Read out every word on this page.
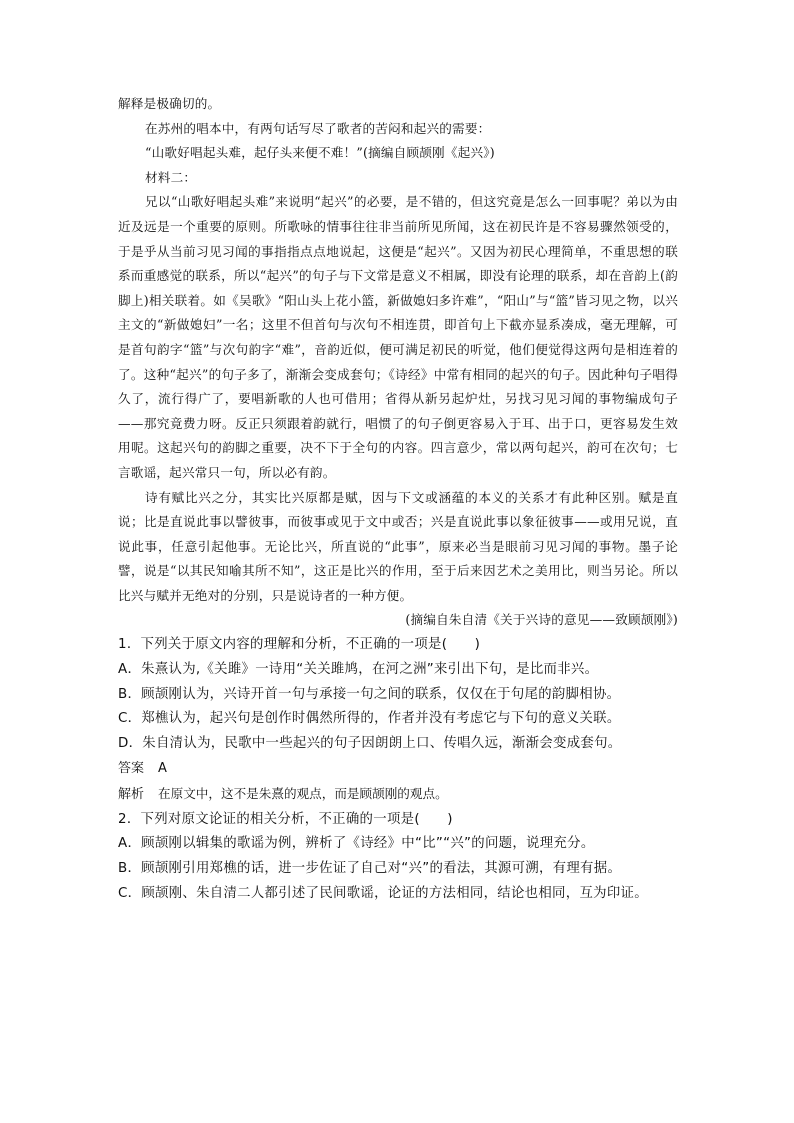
解释是极确切的。

在苏州的唱本中，有两句话写尽了歌者的苦闷和起兴的需要：

“山歌好唱起头难，起仔头来便不难！”(摘编自顾颉刚《起兴》)

材料二：

兄以“山歌好唱起头难”来说明“起兴”的必要，是不错的，但这究竟是怎么一回事呢？弟以为由近及远是一个重要的原则。所歌咏的情事往往非当前所见所闻，这在初民许是不容易骤然领受的，于是乎从当前习见习闻的事指指点点地说起，这便是“起兴”。又因为初民心理简单，不重思想的联系而重感觉的联系，所以“起兴”的句子与下文常是意义不相属，即没有论理的联系，却在音韵上(韵脚上)相关联着。如《吴歌》“阳山头上花小篮，新做媳妇多许难”，“阳山”与“篮”皆习见之物，以兴主文的“新做媳妇”一名；这里不但首句与次句不相连贯，即首句上下截亦显系凑成，毫无理解，可是首句韵字“篮”与次句韵字“难”，音韵近似，便可满足初民的听觉，他们便觉得这两句是相连着的了。这种“起兴”的句子多了，渐渐会变成套句；《诗经》中常有相同的起兴的句子。因此种句子唱得久了，流行得广了，要唱新歌的人也可借用；省得从新另起炉灶，另找习见习闻的事物编成句子——那究竟费力呀。反正只须跟着韵就行，唱惯了的句子倒更容易入于耳、出于口，更容易发生效用呢。这起兴句的韵脚之重要，决不下于全句的内容。四言意少，常以两句起兴，韵可在次句；七言歌谣，起兴常只一句，所以必有韵。

诗有赋比兴之分，其实比兴原都是赋，因与下文或涵蕴的本义的关系才有此种区别。赋是直说；比是直说此事以譬彼事，而彼事或见于文中或否；兴是直说此事以象征彼事——或用兄说，直说此事，任意引起他事。无论比兴，所直说的“此事”，原来必当是眼前习见习闻的事物。墨子论譬，说是“以其民知喻其所不知”，这正是比兴的作用，至于后来因艺术之美用比，则当另论。所以比兴与赋并无绝对的分别，只是说诗者的一种方便。

(摘编自朱自清《关于兴诗的意见——致顾颉刚》)

1．下列关于原文内容的理解和分析，不正确的一项是(　　)

A．朱熹认为,《关雎》一诗用“关关雎鸠，在河之洲”来引出下句，是比而非兴。

B．顾颉刚认为，兴诗开首一句与承接一句之间的联系，仅仅在于句尾的韵脚相协。

C．郑樵认为，起兴句是创作时偶然所得的，作者并没有考虑它与下句的意义关联。

D．朱自清认为，民歌中一些起兴的句子因朗朗上口、传唱久远，渐渐会变成套句。

答案 A

解析 在原文中，这不是朱熹的观点，而是顾颉刚的观点。

2．下列对原文论证的相关分析，不正确的一项是(　　)

A．顾颉刚以辑集的歌谣为例，辨析了《诗经》中“比”“兴”的问题，说理充分。

B．顾颉刚引用郑樵的话，进一步佐证了自己对“兴”的看法，其源可溯，有理有据。

C．顾颉刚、朱自清二人都引述了民间歌谣，论证的方法相同，结论也相同，互为印证。
